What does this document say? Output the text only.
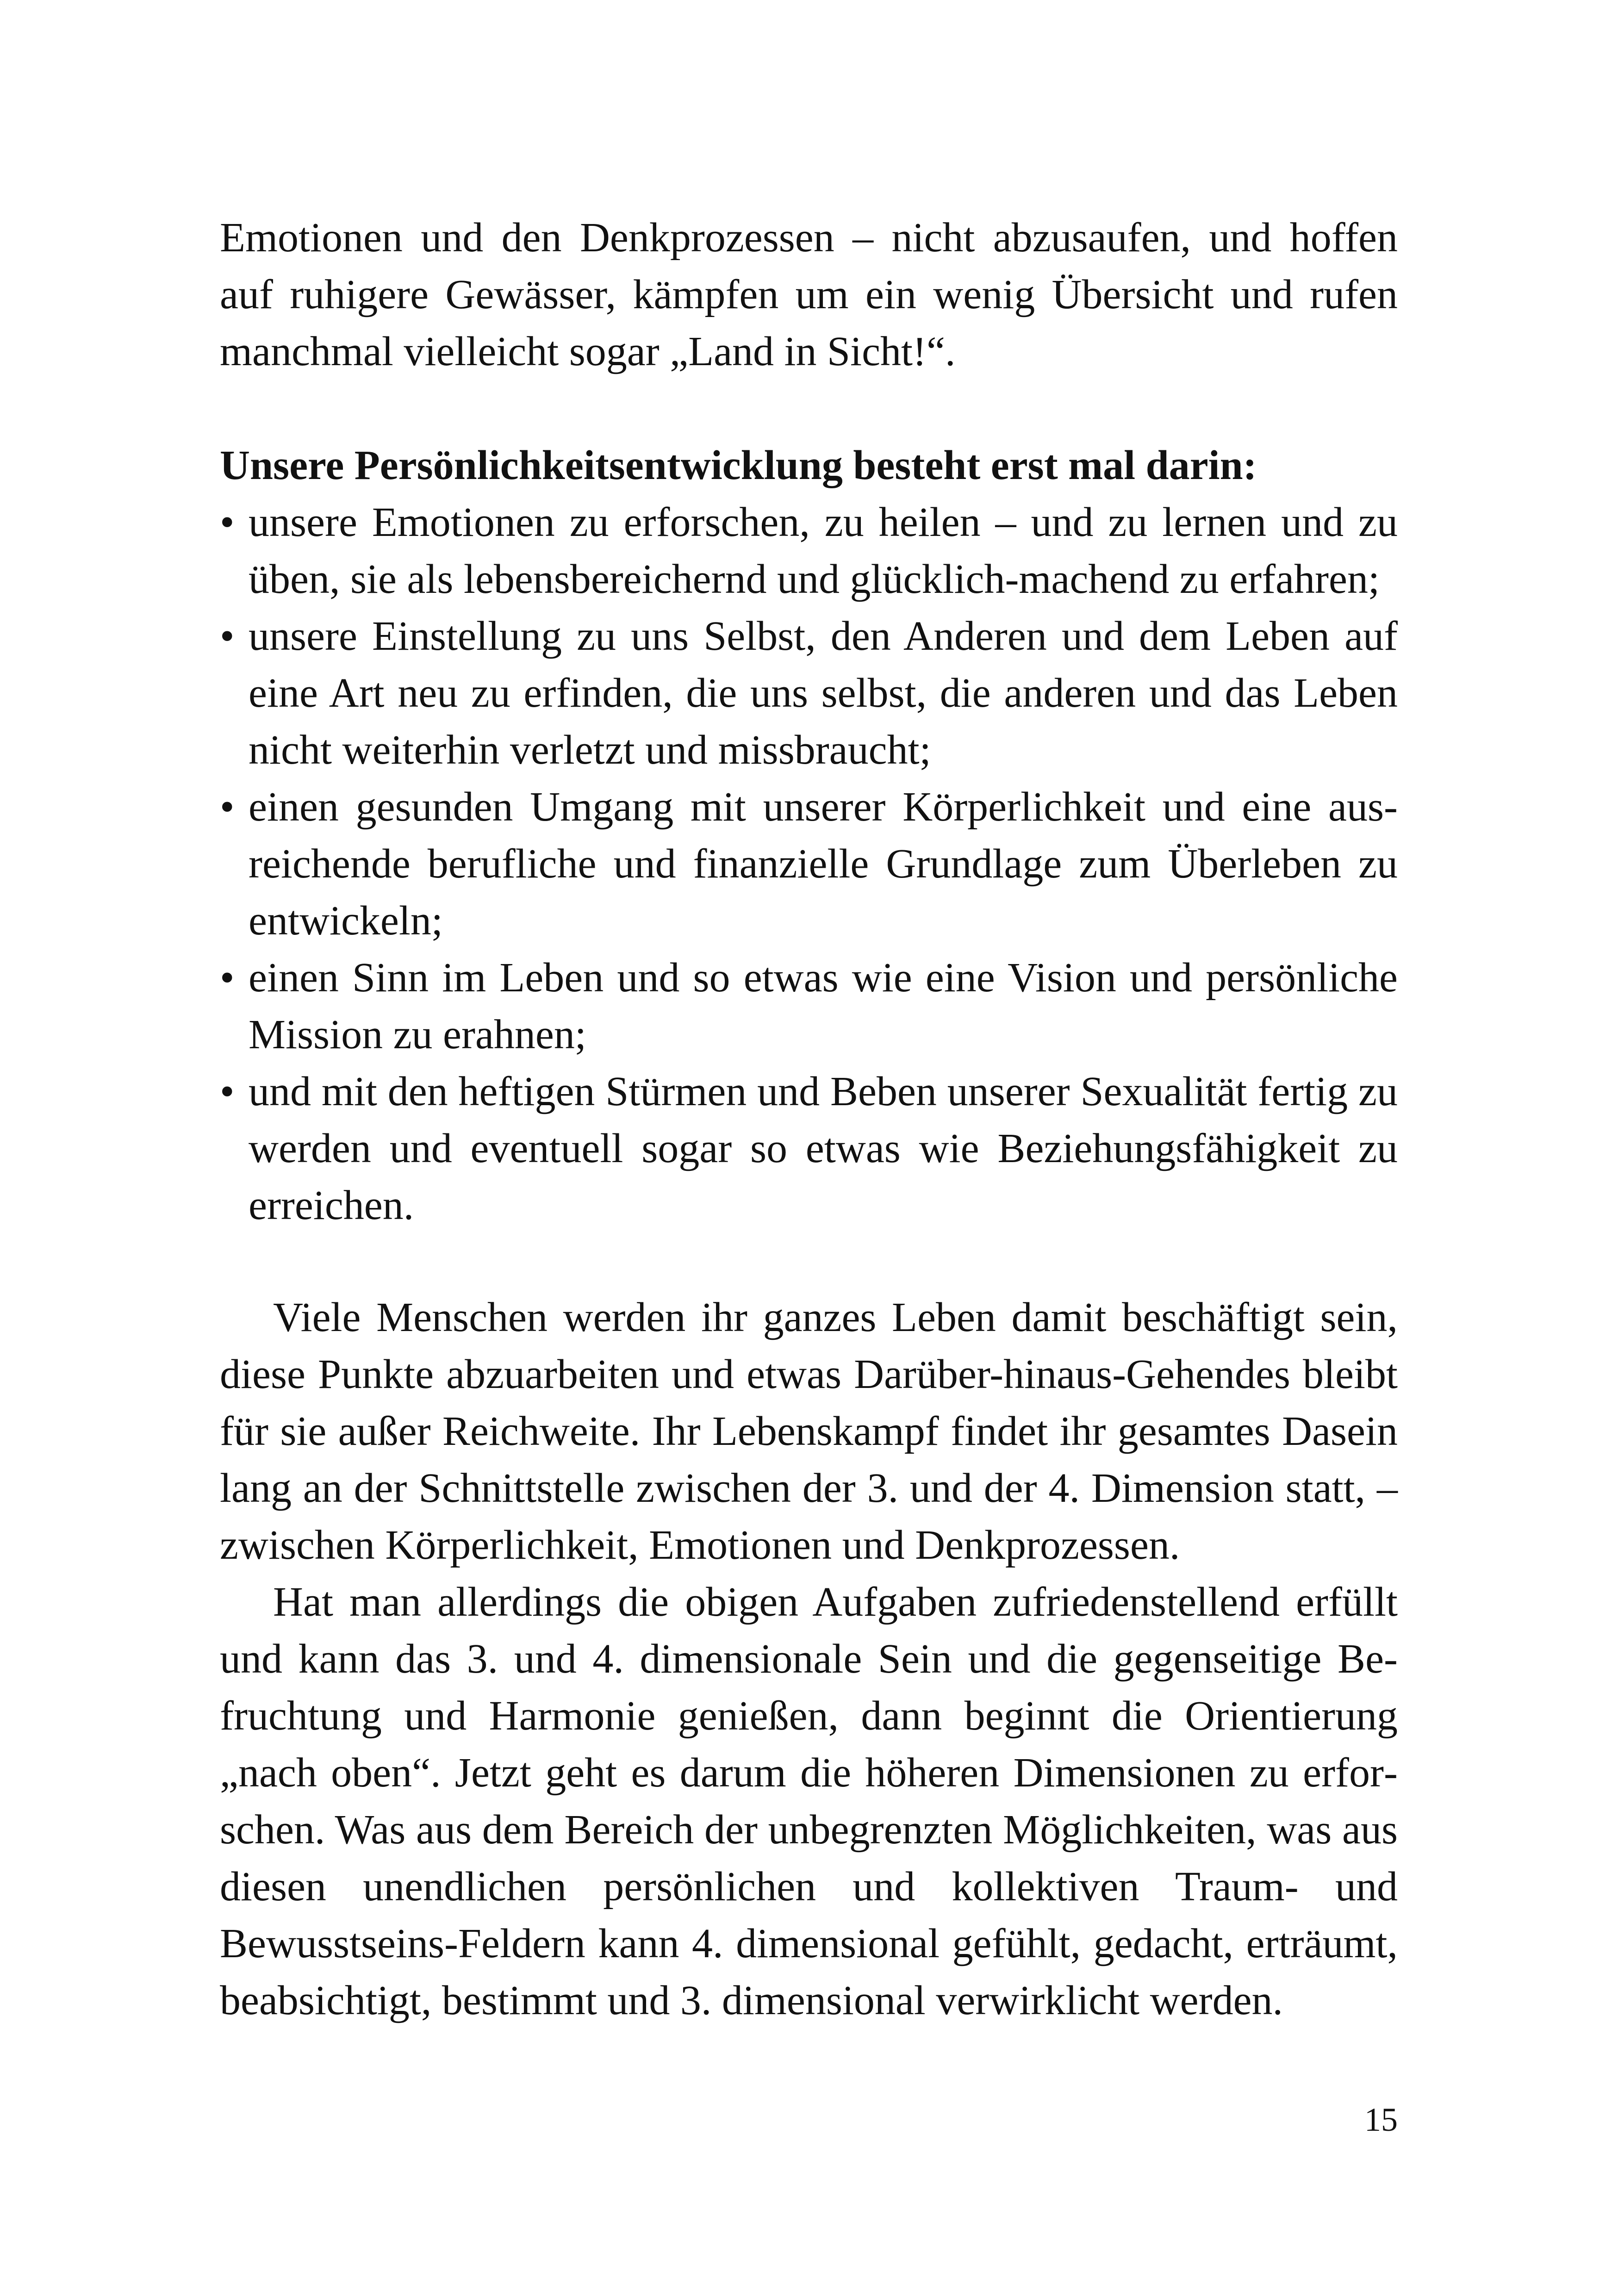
Emotionen und den Denkprozessen – nicht abzusaufen, und hoffen auf ruhigere Gewässer, kämpfen um ein wenig Übersicht und rufen manchmal vielleicht sogar „Land in Sicht!“.

Unsere Persönlichkeitsentwicklung besteht erst mal darin:

• unsere Emotionen zu erforschen, zu heilen – und zu lernen und zu üben, sie als lebensbereichernd und glücklich-machend zu erfahren;
• unsere Einstellung zu uns Selbst, den Anderen und dem Leben auf eine Art neu zu erfinden, die uns selbst, die anderen und das Leben nicht weiterhin verletzt und missbraucht;
• einen gesunden Umgang mit unserer Körperlichkeit und eine ausreichende berufliche und finanzielle Grundlage zum Überleben zu entwickeln;
• einen Sinn im Leben und so etwas wie eine Vision und persönliche Mission zu erahnen;
• und mit den heftigen Stürmen und Beben unserer Sexualität fertig zu werden und eventuell sogar so etwas wie Beziehungsfähigkeit zu erreichen.

Viele Menschen werden ihr ganzes Leben damit beschäftigt sein, diese Punkte abzuarbeiten und etwas Darüber-hinaus-Gehendes bleibt für sie außer Reichweite. Ihr Lebenskampf findet ihr gesamtes Dasein lang an der Schnittstelle zwischen der 3. und der 4. Dimension statt, – zwischen Körperlichkeit, Emotionen und Denkprozessen.

Hat man allerdings die obigen Aufgaben zufriedenstellend erfüllt und kann das 3. und 4. dimensionale Sein und die gegenseitige Befruchtung und Harmonie genießen, dann beginnt die Orientierung „nach oben“. Jetzt geht es darum die höheren Dimensionen zu erforschen. Was aus dem Bereich der unbegrenzten Möglichkeiten, was aus diesen unendlichen persönlichen und kollektiven Traum- und Bewusstseins-Feldern kann 4. dimensional gefühlt, gedacht, erträumt, beabsichtigt, bestimmt und 3. dimensional verwirklicht werden.

15
